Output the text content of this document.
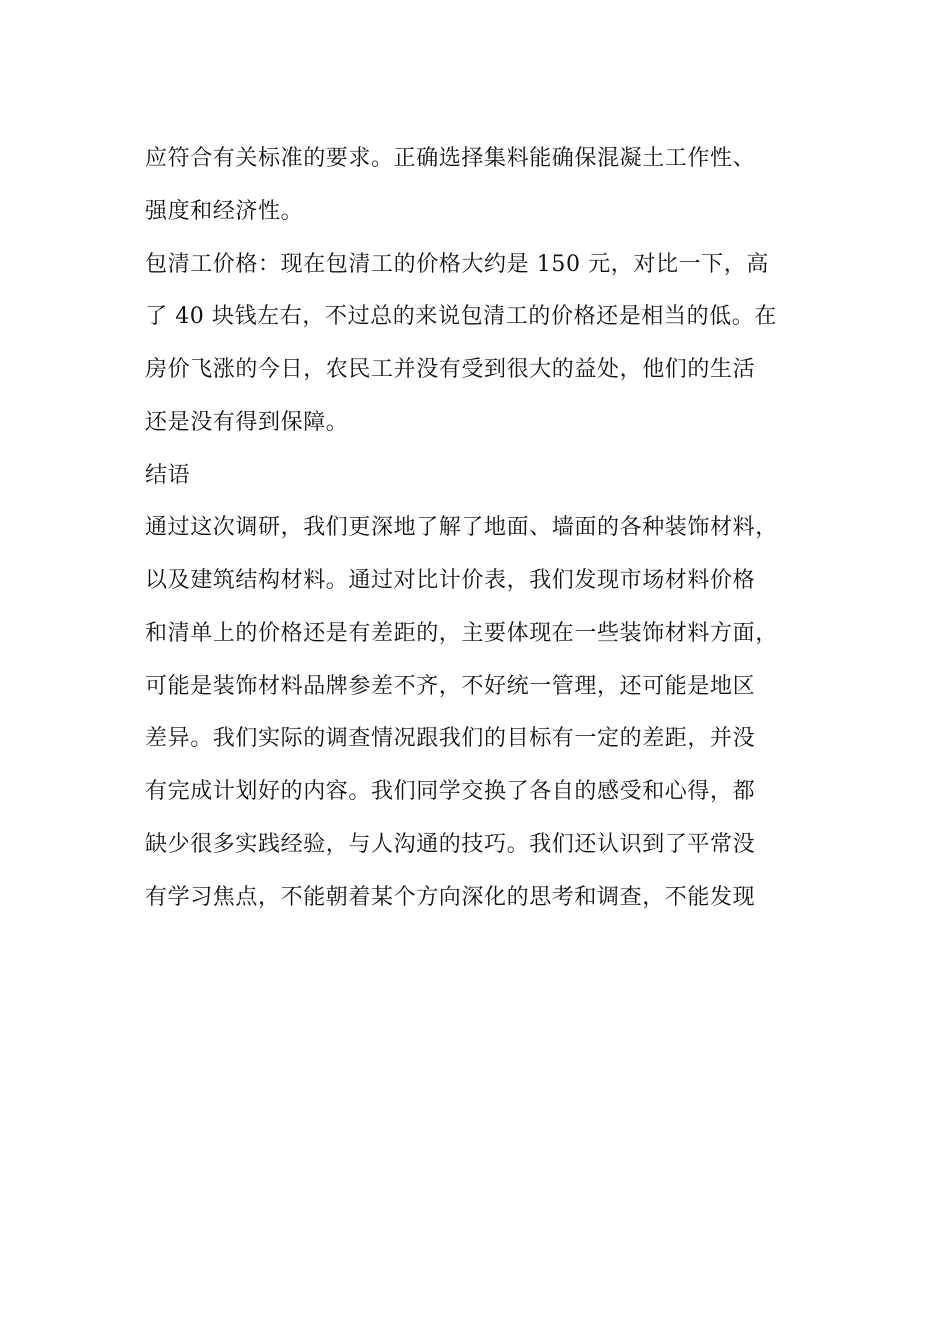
应符合有关标准的要求。正确选择集料能确保混凝土工作性、
强度和经济性。
包清工价格：现在包清工的价格大约是 150 元，对比一下，高
了 40 块钱左右，不过总的来说包清工的价格还是相当的低。在
房价飞涨的今日，农民工并没有受到很大的益处，他们的生活
还是没有得到保障。
结语
通过这次调研，我们更深地了解了地面、墙面的各种装饰材料，
以及建筑结构材料。通过对比计价表，我们发现市场材料价格
和清单上的价格还是有差距的，主要体现在一些装饰材料方面，
可能是装饰材料品牌参差不齐，不好统一管理，还可能是地区
差异。我们实际的调查情况跟我们的目标有一定的差距，并没
有完成计划好的内容。我们同学交换了各自的感受和心得，都
缺少很多实践经验，与人沟通的技巧。我们还认识到了平常没
有学习焦点，不能朝着某个方向深化的思考和调查，不能发现
